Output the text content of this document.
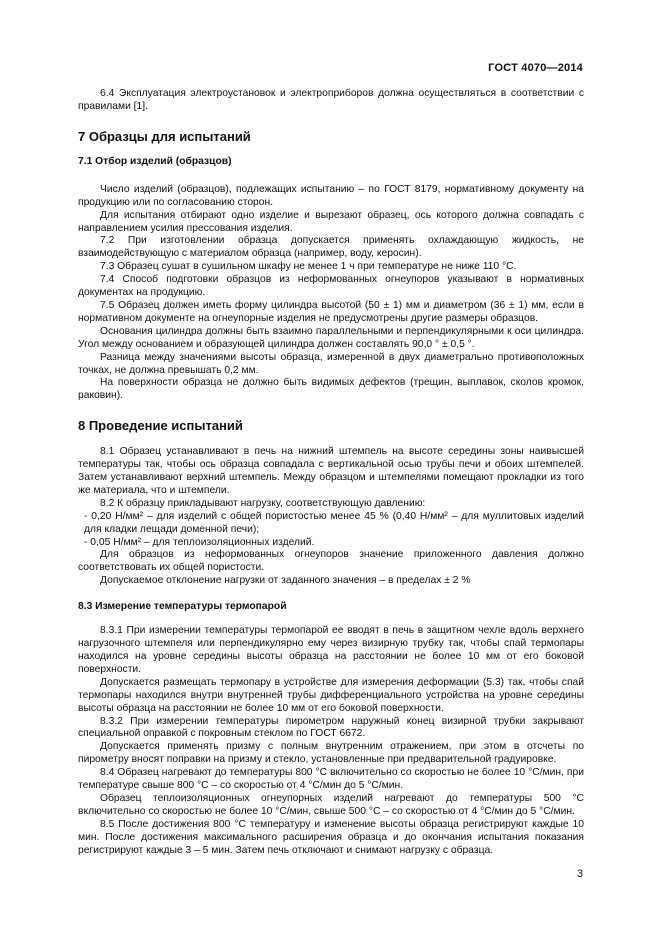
ГОСТ 4070—2014

6.4 Эксплуатация электроустановок и электроприборов должна осуществляться в соответствии с правилами [1].

7 Образцы для испытаний
7.1 Отбор изделий (образцов)

Число изделий (образцов), подлежащих испытанию – по ГОСТ 8179, нормативному документу на продукцию или по согласованию сторон.

Для испытания отбирают одно изделие и вырезают образец, ось которого должна совпадать с направлением усилия прессования изделия.

7.2 При изготовлении образца допускается применять охлаждающую жидкость, не взаимодействующую с материалом образца (например, воду, керосин).

7.3 Образец сушат в сушильном шкафу не менее 1 ч при температуре не ниже 110 °С.

7.4 Способ подготовки образцов из неформованных огнеупоров указывают в нормативных документах на продукцию.

7.5 Образец должен иметь форму цилиндра высотой (50 ± 1) мм и диаметром (36 ± 1) мм, если в нормативном документе на огнеупорные изделия не предусмотрены другие размеры образцов.

Основания цилиндра должны быть взаимно параллельными и перпендикулярными к оси цилиндра. Угол между основанием и образующей цилиндра должен составлять 90,0 ° ± 0,5 °.

Разница между значениями высоты образца, измеренной в двух диаметрально противоположных точках, не должна превышать 0,2 мм.

На поверхности образца не должно быть видимых дефектов (трещин, выплавок, сколов кромок, раковин).

8 Проведение испытаний

8.1 Образец устанавливают в печь на нижний штемпель на высоте середины зоны наивысшей температуры так, чтобы ось образца совпадала с вертикальной осью трубы печи и обоих штемпелей. Затем устанавливают верхний штемпель. Между образцом и штемпелями помещают прокладки из того же материала, что и штемпели.

8.2 К образцу прикладывают нагрузку, соответствующую давлению:

- 0,20 Н/мм² – для изделий с общей пористостью менее 45 % (0,40 Н/мм² – для муллитовых изделий для кладки лещади доменной печи);

- 0,05 Н/мм² – для теплоизоляционных изделий.

Для образцов из неформованных огнеупоров значение приложенного давления должно соответствовать их общей пористости.

Допускаемое отклонение нагрузки от заданного значения – в пределах ± 2 %

8.3 Измерение температуры термопарой

8.3.1 При измерении температуры термопарой ее вводят в печь в защитном чехле вдоль верхнего нагрузочного штемпеля или перпендикулярно ему через визирную трубку так, чтобы спай термопары находился на уровне середины высоты образца на расстоянии не более 10 мм от его боковой поверхности.

Допускается размещать термопару в устройстве для измерения деформации (5.3) так, чтобы спай термопары находился внутри внутренней трубы дифференциального устройства на уровне середины высоты образца на расстоянии не более 10 мм от его боковой поверхности.

8.3.2 При измерении температуры пирометром наружный конец визирной трубки закрывают специальной оправкой с покровным стеклом по ГОСТ 6672.

Допускается применять призму с полным внутренним отражением, при этом в отсчеты по пирометру вносят поправки на призму и стекло, установленные при предварительной градуировке.

8.4 Образец нагревают до температуры 800 °С включительно со скоростью не более 10 °С/мин, при температуре свыше 800 °С – со скоростью от 4 °С/мин до 5 °С/мин.

Образец теплоизоляционных огнеупорных изделий нагревают до температуры 500 °С включительно со скоростью не более 10 °С/мин, свыше 500 °С – со скоростью от 4 °С/мин до 5 °С/мин.

8.5 После достижения 800 °С температуру и изменение высоты образца регистрируют каждые 10 мин. После достижения максимального расширения образца и до окончания испытания показания регистрируют каждые 3 – 5 мин. Затем печь отключают и снимают нагрузку с образца.

3
